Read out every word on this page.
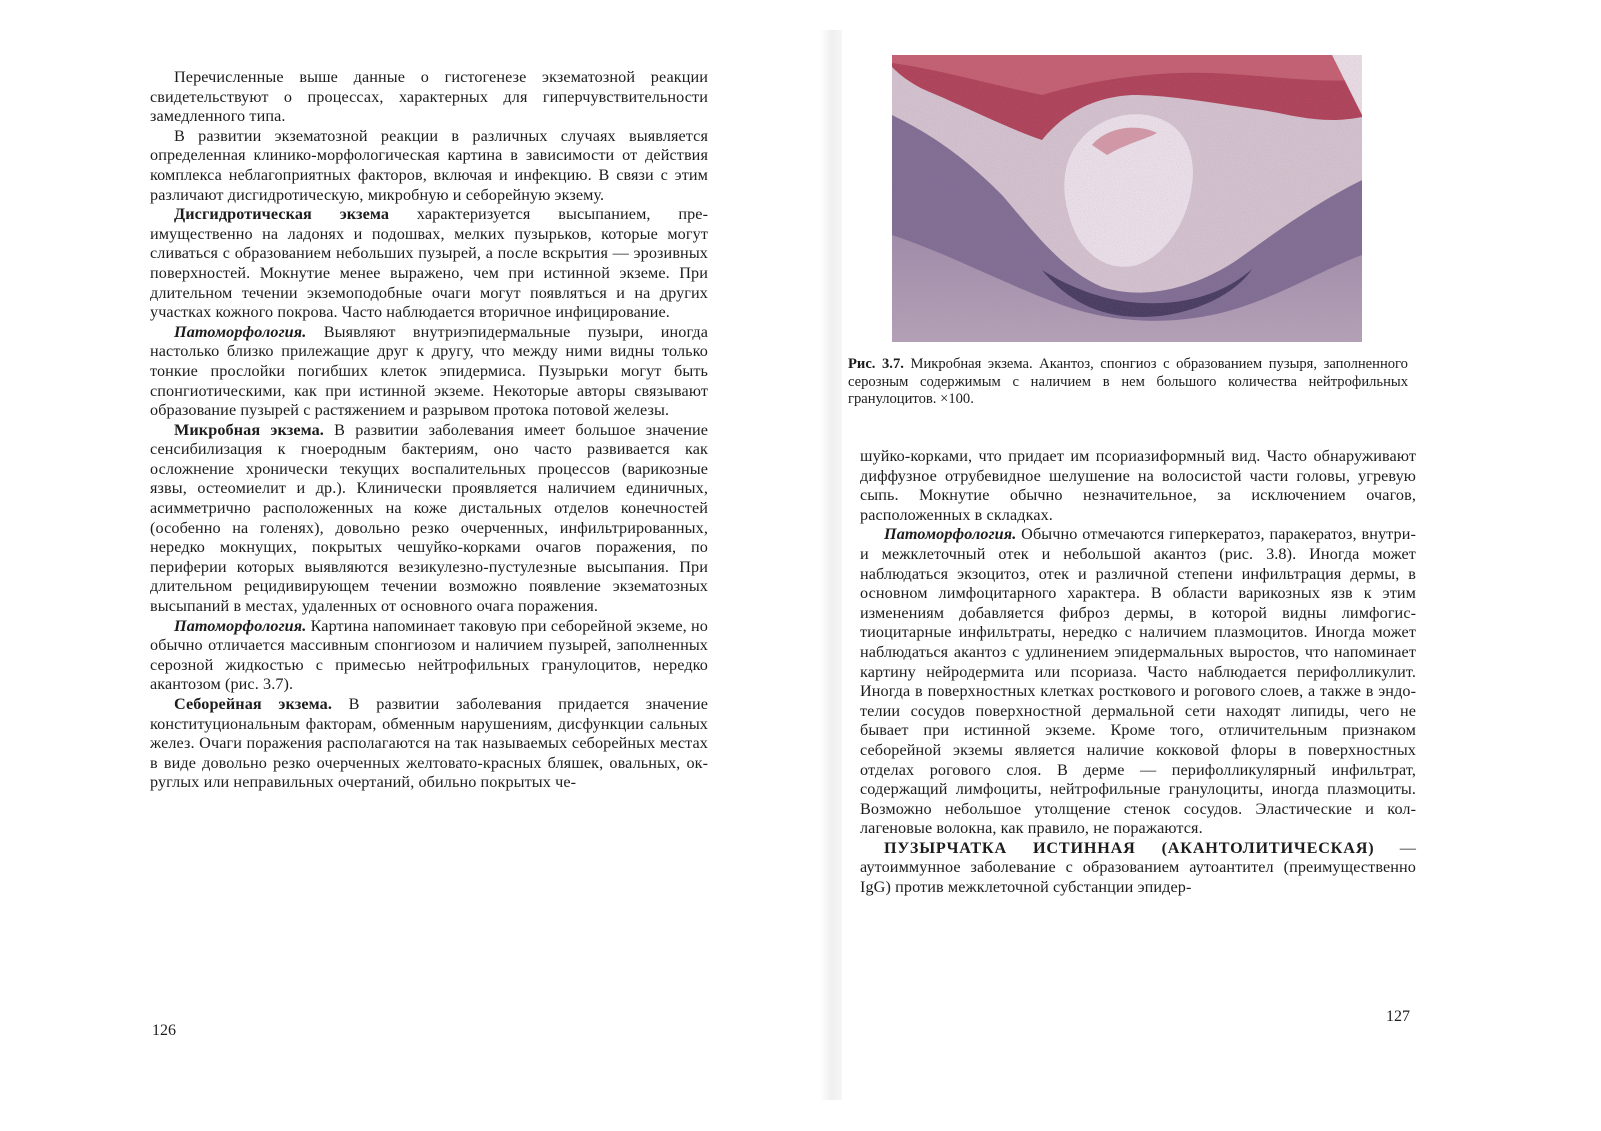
Перечисленные выше данные о гистогенезе экзематозной реакции свидетельствуют о процессах, характерных для гиперчувствительности замедленного типа.

В развитии экзематозной реакции в различных случаях выявляется определенная клинико-морфологическая картина в зависимости от действия комплекса неблагоприятных факторов, включая и инфекцию. В связи с этим различают дисгидротическую, микробную и себорейную экзему.

Дисгидротическая экзема характеризуется высыпанием, преимущественно на ладонях и подошвах, мелких пузырьков, которые могут сливаться с образованием небольших пузырей, а после вскрытия — эрозивных поверхностей. Мокнутие менее выражено, чем при истинной экземе. При длительном течении экземоподобные очаги могут появляться и на других участках кожного покрова. Часто наблюдается вторичное инфицирование.

Патоморфология. Выявляют внутриэпидермальные пузыри, иногда настолько близко прилежащие друг к другу, что между ними видны только тонкие прослойки погибших клеток эпидермиса. Пузырьки могут быть спонгиотическими, как при истинной экземе. Некоторые авторы связывают образование пузырей с растяжением и разрывом протока потовой железы.

Микробная экзема. В развитии заболевания имеет большое значение сенсибилизация к гноеродным бактериям, оно часто развивается как осложнение хронически текущих воспалительных процессов (варикозные язвы, остеомиелит и др.). Клинически проявляется наличием единичных, асимметрично расположенных на коже дистальных отделов конечностей (особенно на голенях), довольно резко очерченных, инфильтрированных, нередко мокнущих, покрытых чешуйко-корками очагов поражения, по периферии которых выявляются везикулезно-пустулезные высыпания. При длительном рецидивирующем течении возможно появление экзематозных высыпаний в местах, удаленных от основного очага поражения.

Патоморфология. Картина напоминает таковую при себорейной экземе, но обычно отличается массивным спонгиозом и наличием пузырей, заполненных серозной жидкостью с примесью нейтрофильных гранулоцитов, нередко акантозом (рис. 3.7).

Себорейная экзема. В развитии заболевания придается значение конституциональным факторам, обменным нарушениям, дисфункции сальных желез. Очаги поражения располагаются на так называемых себорейных местах в виде довольно резко очерченных желтовато-красных бляшек, овальных, округлых или неправильных очертаний, обильно покрытых че-

126

Рис. 3.7. Микробная экзема. Акантоз, спонгиоз с образованием пузыря, заполненного серозным содержимым с наличием в нем большого количества нейтрофильных гранулоцитов. ×100.

шуйко-корками, что придает им псориазиформный вид. Часто обнаруживают диффузное отрубевидное шелушение на волосистой части головы, угревую сыпь. Мокнутие обычно незначительное, за исключением очагов, расположенных в складках.

Патоморфология. Обычно отмечаются гиперкератоз, паракератоз, внутри- и межклеточный отек и небольшой акантоз (рис. 3.8). Иногда может наблюдаться экзоцитоз, отек и различной степени инфильтрация дермы, в основном лимфоцитарного характера. В области варикозных язв к этим изменениям добавляется фиброз дермы, в которой видны лимфогистиоцитарные инфильтраты, нередко с наличием плазмоцитов. Иногда может наблюдаться акантоз с удлинением эпидермальных выростов, что напоминает картину нейродермита или псориаза. Часто наблюдается перифолликулит. Иногда в поверхностных клетках росткового и рогового слоев, а также в эндотелии сосудов поверхностной дермальной сети находят липиды, чего не бывает при истинной экземе. Кроме того, отличительным признаком себорейной экземы является наличие кокковой флоры в поверхностных отделах рогового слоя. В дерме — перифолликулярный инфильтрат, содержащий лимфоциты, нейтрофильные гранулоциты, иногда плазмоциты. Возможно небольшое утолщение стенок сосудов. Эластические и коллагеновые волокна, как правило, не поражаются.

ПУЗЫРЧАТКА ИСТИННАЯ (АКАНТОЛИТИЧЕСКАЯ) — аутоиммунное заболевание с образованием аутоантител (преимущественно IgG) против межклеточной субстанции эпидер-

127
